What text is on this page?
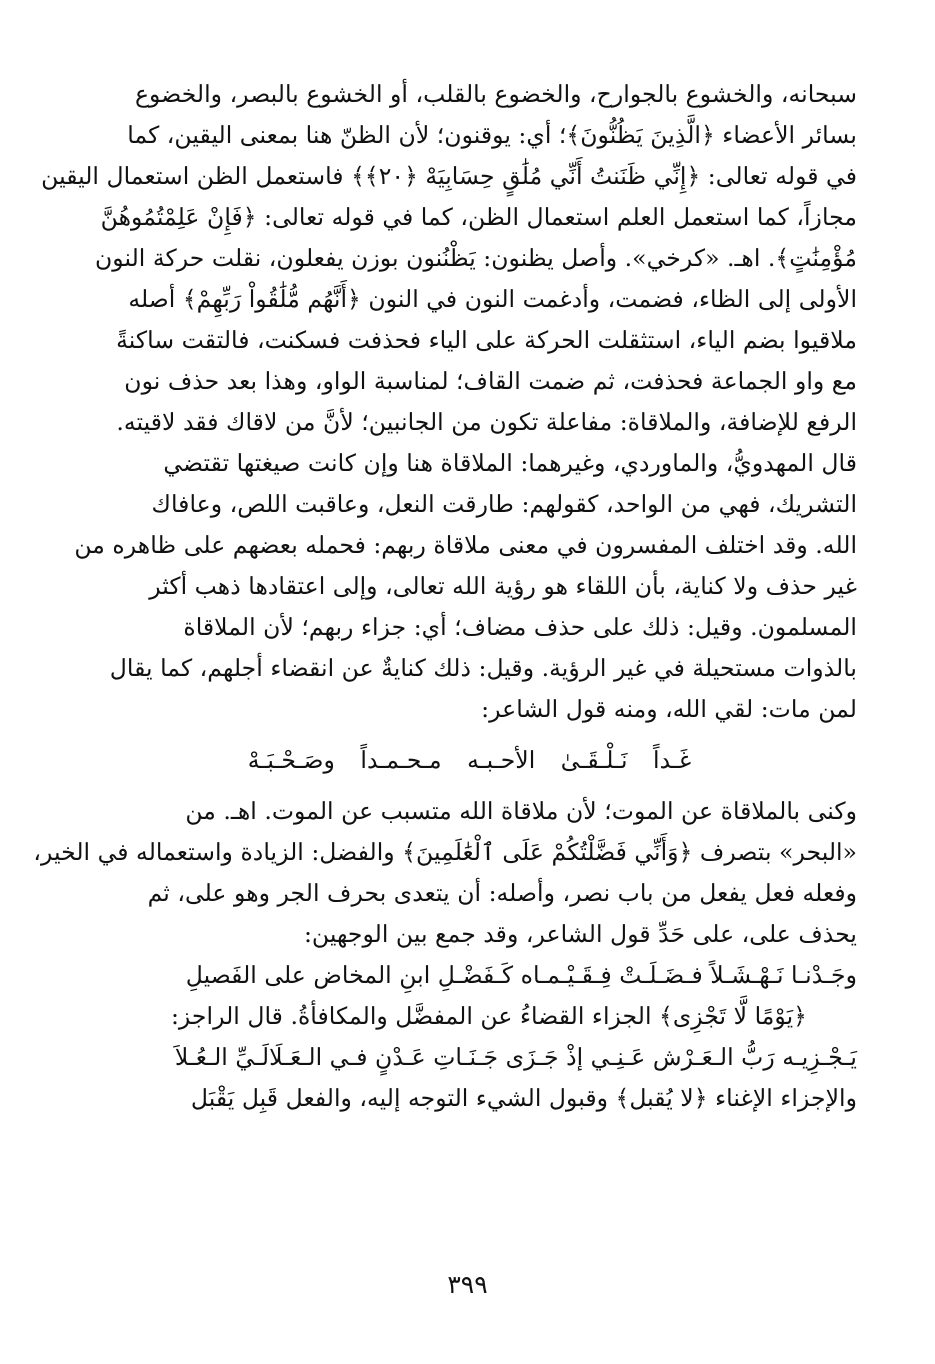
سبحانه، والخشوع بالجوارح، والخضوع بالقلب، أو الخشوع بالبصر، والخضوع
بسائر الأعضاء ﴿الَّذِينَ يَظُنُّونَ﴾؛ أي: يوقنون؛ لأن الظنّ هنا بمعنى اليقين، كما
في قوله تعالى: ﴿إِنِّي ظَنَنتُ أَنِّي مُلَٰقٍ حِسَابِيَهْ ﴿٢٠﴾﴾ فاستعمل الظن استعمال اليقين
مجازاً، كما استعمل العلم استعمال الظن، كما في قوله تعالى: ﴿فَإِنْ عَلِمْتُمُوهُنَّ
مُؤْمِنَٰتٍ﴾. اهـ. «كرخي». وأصل يظنون: يَظْنُنون بوزن يفعلون، نقلت حركة النون
الأولى إلى الظاء، فضمت، وأدغمت النون في النون ﴿أَنَّهُم مُّلَٰقُواْ رَبِّهِمْ﴾ أصله
ملاقيوا بضم الياء، استثقلت الحركة على الياء فحذفت فسكنت، فالتقت ساكنةً
مع واو الجماعة فحذفت، ثم ضمت القاف؛ لمناسبة الواو، وهذا بعد حذف نون
الرفع للإضافة، والملاقاة: مفاعلة تكون من الجانبين؛ لأنَّ من لاقاك فقد لاقيته.
قال المهدويُّ، والماوردي، وغيرهما: الملاقاة هنا وإن كانت صيغتها تقتضي
التشريك، فهي من الواحد، كقولهم: طارقت النعل، وعاقبت اللص، وعافاك
الله. وقد اختلف المفسرون في معنى ملاقاة ربهم: فحمله بعضهم على ظاهره من
غير حذف ولا كناية، بأن اللقاء هو رؤية الله تعالى، وإلى اعتقادها ذهب أكثر
المسلمون. وقيل: ذلك على حذف مضاف؛ أي: جزاء ربهم؛ لأن الملاقاة
بالذوات مستحيلة في غير الرؤية. وقيل: ذلك كنايةٌ عن انقضاء أجلهم، كما يقال
لمن مات: لقي الله، ومنه قول الشاعر:
غَـداً نَـلْـقَـىٰ الأحـبـه مـحـمـداً وصَـحْـبَـهْ
وكنى بالملاقاة عن الموت؛ لأن ملاقاة الله متسبب عن الموت. اهـ. من
«البحر» بتصرف ﴿وَأَنِّي فَضَّلْتُكُمْ عَلَى ٱلْعَٰلَمِينَ﴾ والفضل: الزيادة واستعماله في الخير،
وفعله فعل يفعل من باب نصر، وأصله: أن يتعدى بحرف الجر وهو على، ثم
يحذف على، على حَدِّ قول الشاعر، وقد جمع بين الوجهين:
وجَـدْنـا نَـهْـشَـلاً فـضَـلَـتْ فِـقَـيْـمـاه كَـفَضْـلِ ابنِ المخاض على الفَصيلِ
﴿يَوْمًا لَّا تَجْزِى﴾ الجزاء القضاءُ عن المفضَّل والمكافأةُ. قال الراجز:
يَـجْـزِيـه رَبُّ الـعَـرْش عَـنِـي إذْ جَـزَى جَـنَـاتِ عَـدْنٍ فـي الـعَـلَالَـيِّ الـعُـلاَ
والإجزاء الإغناء ﴿لا يُقبل﴾ وقبول الشيء التوجه إليه، والفعل قَبِل يَقْبَل
٣٩٩
